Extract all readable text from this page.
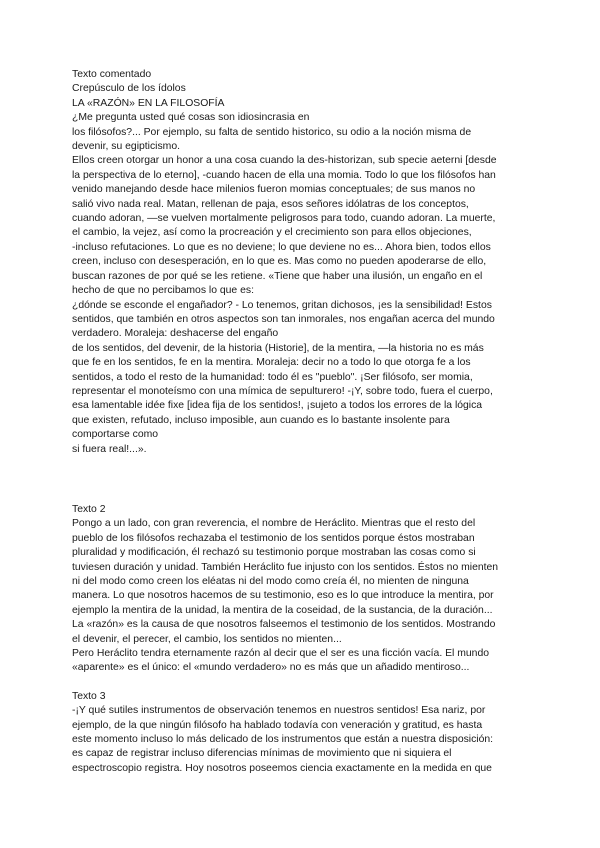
Texto comentado

Crepúsculo de los ídolos

LA «RAZÓN» EN LA FILOSOFÍA

¿Me pregunta usted qué cosas son idiosincrasia en

los filósofos?... Por ejemplo, su falta de sentido historico, su odio a la noción misma de

devenir, su egipticismo.

Ellos creen otorgar un honor a una cosa cuando la des-historizan, sub specie aeterni [desde

la perspectiva de lo eterno], -cuando hacen de ella una momia. Todo lo que los filósofos han

venido manejando desde hace milenios fueron momias conceptuales; de sus manos no

salió vivo nada real. Matan, rellenan de paja, esos señores idólatras de los conceptos,

cuando adoran, —se vuelven mortalmente peligrosos para todo, cuando adoran. La muerte,

el cambio, la vejez, así como la procreación y el crecimiento son para ellos objeciones,

-incluso refutaciones. Lo que es no deviene; lo que deviene no es... Ahora bien, todos ellos

creen, incluso con desesperación, en lo que es. Mas como no pueden apoderarse de ello,

buscan razones de por qué se les retiene. «Tiene que haber una ilusión, un engaño en el

hecho de que no percibamos lo que es:

¿dónde se esconde el engañador? - Lo tenemos, gritan dichosos, ¡es la sensibilidad! Estos

sentidos, que también en otros aspectos son tan inmorales, nos engañan acerca del mundo

verdadero. Moraleja: deshacerse del engaño

de los sentidos, del devenir, de la historia (Historie], de la mentira, —la historia no es más

que fe en los sentidos, fe en la mentira. Moraleja: decir no a todo lo que otorga fe a los

sentidos, a todo el resto de la humanidad: todo él es "pueblo". ¡Ser filósofo, ser momia,

representar el monoteísmo con una mímica de sepulturero! -¡Y, sobre todo, fuera el cuerpo,

esa lamentable idée fixe [idea fija de los sentidos!, ¡sujeto a todos los errores de la lógica

que existen, refutado, incluso imposible, aun cuando es lo bastante insolente para

comportarse como

si fuera real!...».

Texto 2

Pongo a un lado, con gran reverencia, el nombre de Heráclito. Mientras que el resto del

pueblo de los filósofos rechazaba el testimonio de los sentidos porque éstos mostraban

pluralidad y modificación, él rechazó su testimonio porque mostraban las cosas como si

tuviesen duración y unidad. También Heráclito fue injusto con los sentidos. Éstos no mienten

ni del modo como creen los eléatas ni del modo como creía él, no mienten de ninguna

manera. Lo que nosotros hacemos de su testimonio, eso es lo que introduce la mentira, por

ejemplo la mentira de la unidad, la mentira de la coseidad, de la sustancia, de la duración...

La «razón» es la causa de que nosotros falseemos el testimonio de los sentidos. Mostrando

el devenir, el perecer, el cambio, los sentidos no mienten...

Pero Heráclito tendra eternamente razón al decir que el ser es una ficción vacía. El mundo

«aparente» es el único: el «mundo verdadero» no es más que un añadido mentiroso...

Texto 3

-¡Y qué sutiles instrumentos de observación tenemos en nuestros sentidos! Esa nariz, por

ejemplo, de la que ningún filósofo ha hablado todavía con veneración y gratitud, es hasta

este momento incluso lo más delicado de los instrumentos que están a nuestra disposición:

es capaz de registrar incluso diferencias mínimas de movimiento que ni siquiera el

espectroscopio registra. Hoy nosotros poseemos ciencia exactamente en la medida en que
